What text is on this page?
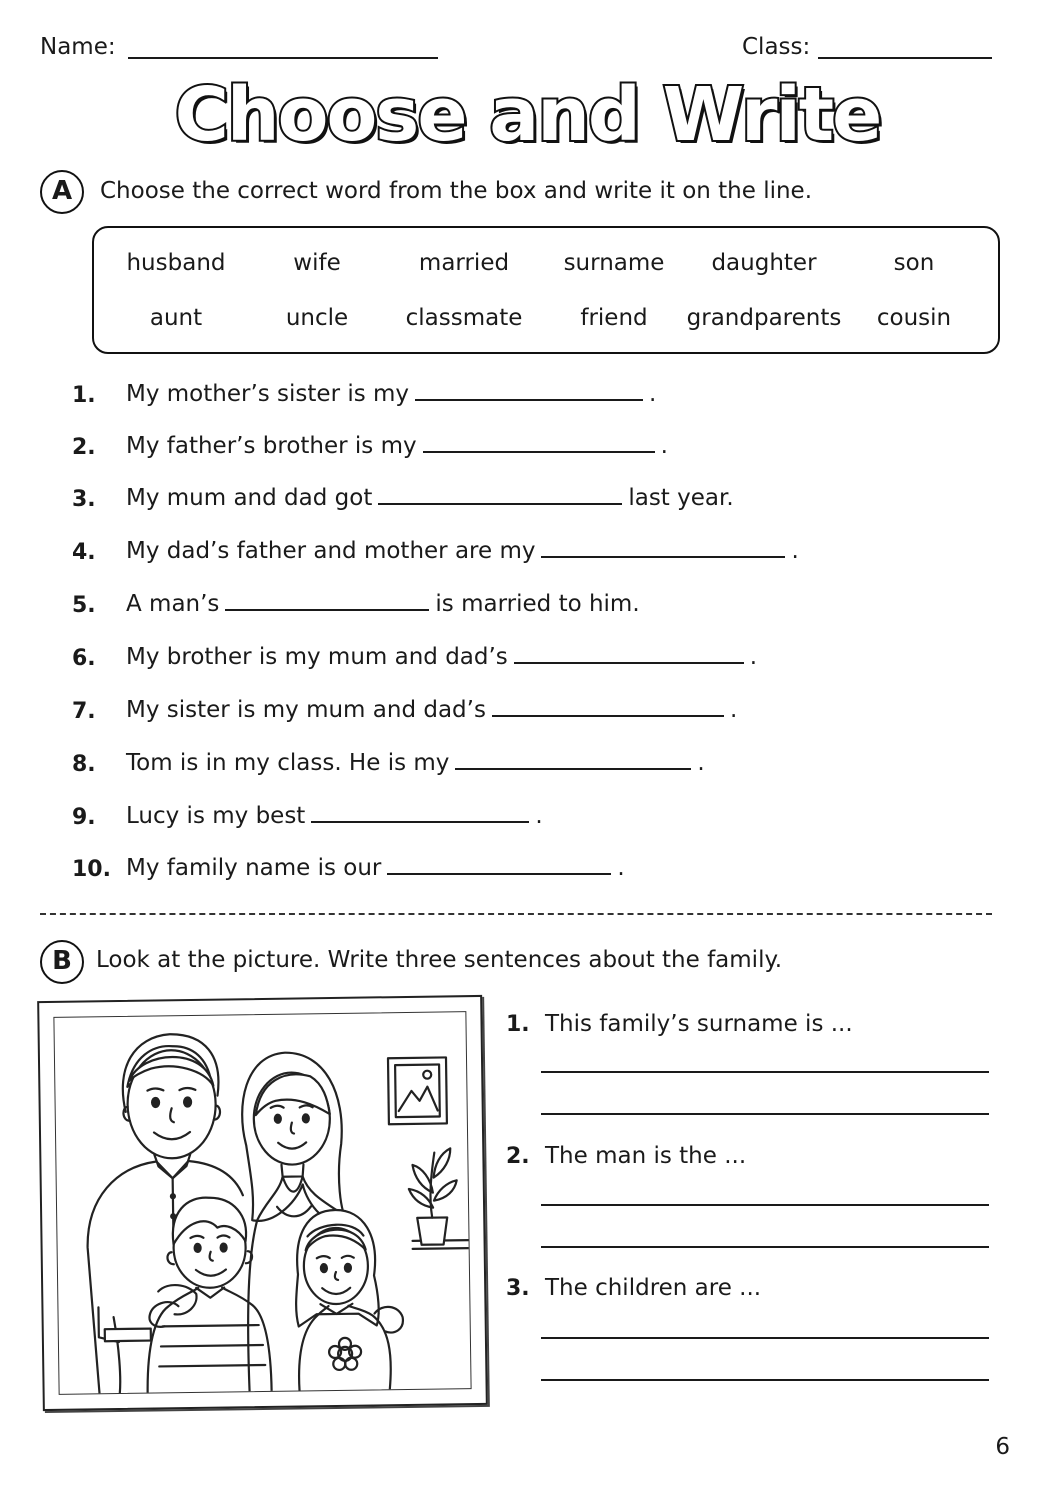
Name:	Class:
Choose and Write
A	Choose the correct word from the box and write it on the line.
husband	wife	married	surname	daughter	son
aunt	uncle	classmate	friend	grandparents	cousin
1. My mother’s sister is my	.
2. My father’s brother is my	.
3. My mum and dad got	last year.
4. My dad’s father and mother are my	.
5. A man’s	is married to him.
6. My brother is my mum and dad’s	.
7. My sister is my mum and dad’s	.
8. Tom is in my class. He is my	.
9. Lucy is my best	.
10. My family name is our	.
B	Look at the picture. Write three sentences about the family.
1. This family’s surname is ...
2. The man is the ...
3. The children are ...
6
